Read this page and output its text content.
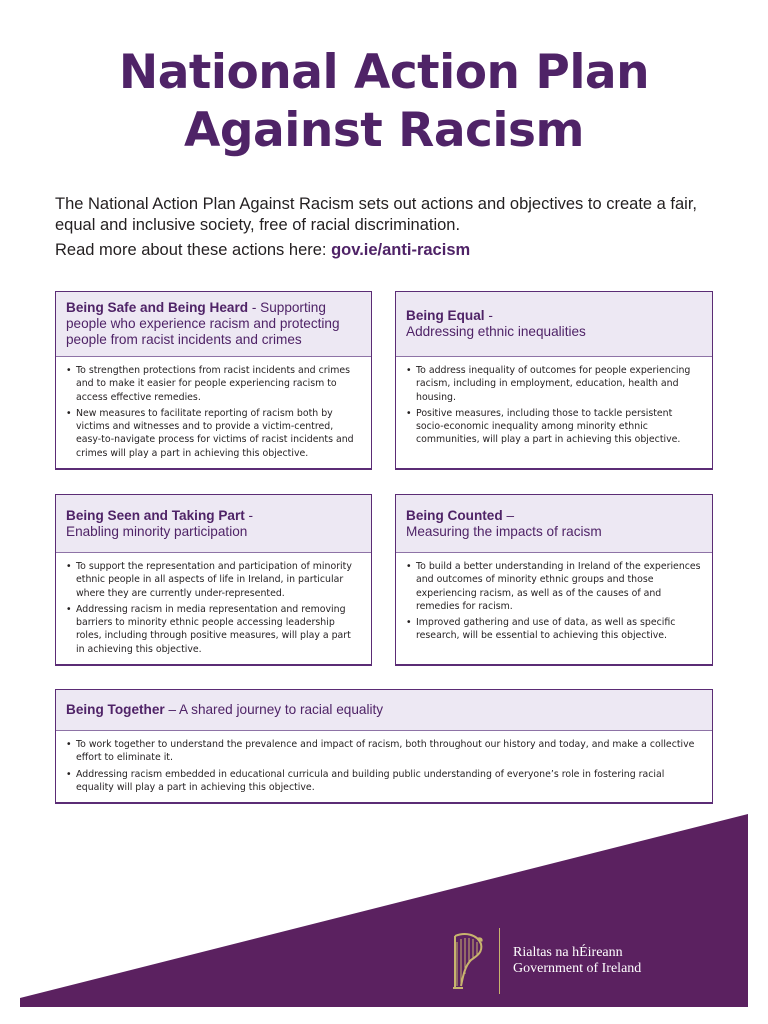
National Action Plan
Against Racism

The National Action Plan Against Racism sets out actions and objectives to create a fair, equal and inclusive society, free of racial discrimination.

Read more about these actions here: gov.ie/anti-racism

Being Safe and Being Heard - Supporting people who experience racism and protecting people from racist incidents and crimes
• To strengthen protections from racist incidents and crimes and to make it easier for people experiencing racism to access effective remedies.
• New measures to facilitate reporting of racism both by victims and witnesses and to provide a victim-centred, easy-to-navigate process for victims of racist incidents and crimes will play a part in achieving this objective.
Being Equal -
Addressing ethnic inequalities
• To address inequality of outcomes for people experiencing racism, including in employment, education, health and housing.
• Positive measures, including those to tackle persistent socio-economic inequality among minority ethnic communities, will play a part in achieving this objective.
Being Seen and Taking Part -
Enabling minority participation
• To support the representation and participation of minority ethnic people in all aspects of life in Ireland, in particular where they are currently under-represented.
• Addressing racism in media representation and removing barriers to minority ethnic people accessing leadership roles, including through positive measures, will play a part in achieving this objective.
Being Counted –
Measuring the impacts of racism
• To build a better understanding in Ireland of the experiences and outcomes of minority ethnic groups and those experiencing racism, as well as of the causes of and remedies for racism.
• Improved gathering and use of data, as well as specific research, will be essential to achieving this objective.
Being Together – A shared journey to racial equality
• To work together to understand the prevalence and impact of racism, both throughout our history and today, and make a collective effort to eliminate it.
• Addressing racism embedded in educational curricula and building public understanding of everyone’s role in fostering racial equality will play a part in achieving this objective.
Rialtas na hÉireann
Government of Ireland
